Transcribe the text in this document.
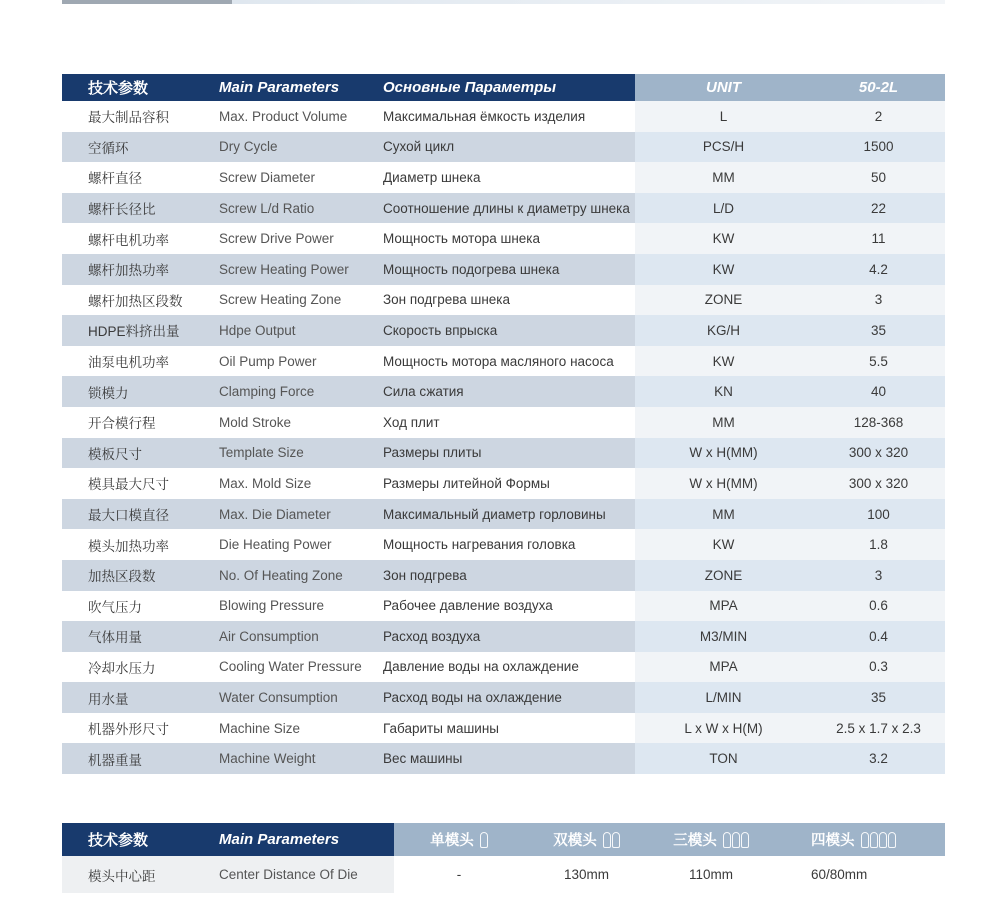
技术参数	Main Parameters	Основные Параметры	UNIT	50-2L
最大制品容积	Max. Product Volume	Максимальная ёмкость изделия	L	2
空循环	Dry Cycle	Сухой цикл	PCS/H	1500
螺杆直径	Screw Diameter	Диаметр шнека	MM	50
螺杆长径比	Screw L/d Ratio	Соотношение длины к диаметру шнека	L/D	22
螺杆电机功率	Screw Drive Power	Мощность мотора шнека	KW	11
螺杆加热功率	Screw Heating Power	Мощность подогрева шнека	KW	4.2
螺杆加热区段数	Screw Heating Zone	Зон подгрева шнека	ZONE	3
HDPE料挤出量	Hdpe Output	Скорость впрыска	KG/H	35
油泵电机功率	Oil Pump Power	Мощность мотора масляного насоса	KW	5.5
锁模力	Clamping Force	Сила сжатия	KN	40
开合模行程	Mold Stroke	Ход плит	MM	128-368
模板尺寸	Template Size	Размеры плиты	W x H(MM)	300 x 320
模具最大尺寸	Max. Mold Size	Размеры литейной Формы	W x H(MM)	300 x 320
最大口模直径	Max. Die Diameter	Максимальный диаметр горловины	MM	100
模头加热功率	Die Heating Power	Мощность нагревания головка	KW	1.8
加热区段数	No. Of Heating Zone	Зон подгрева	ZONE	3
吹气压力	Blowing Pressure	Рабочее давление воздуха	MPA	0.6
气体用量	Air Consumption	Расход воздуха	M3/MIN	0.4
冷却水压力	Cooling Water Pressure	Давление воды на охлаждение	MPA	0.3
用水量	Water Consumption	Расход воды на охлаждение	L/MIN	35
机器外形尺寸	Machine Size	Габариты машины	L x W x H(M)	2.5 x 1.7 x 2.3
机器重量	Machine Weight	Вес машины	TON	3.2
技术参数	Main Parameters	单模头	双模头	三模头	四模头
模头中心距	Center Distance Of Die	-	130mm	110mm	60/80mm
